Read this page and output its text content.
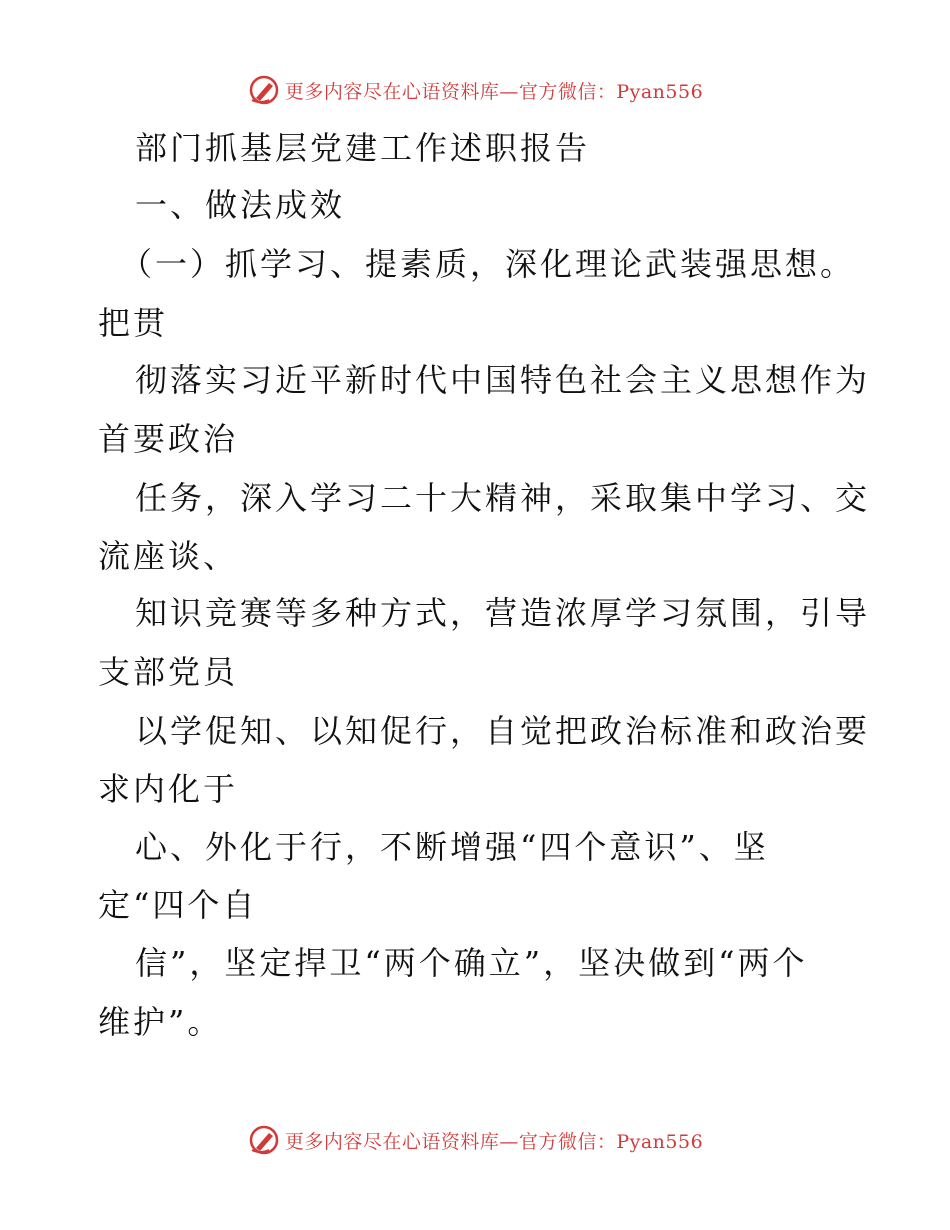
更多内容尽在心语资料库—官方微信：Pyan556
部门抓基层党建工作述职报告
一、做法成效
（一）抓学习、提素质，深化理论武装强思想。
把贯
彻落实习近平新时代中国特色社会主义思想作为
首要政治
任务，深入学习二十大精神，采取集中学习、交
流座谈、
知识竞赛等多种方式，营造浓厚学习氛围，引导
支部党员
以学促知、以知促行，自觉把政治标准和政治要
求内化于
心、外化于行，不断增强“四个意识”、坚
定“四个自
信”，坚定捍卫“两个确立”，坚决做到“两个
维护”。
更多内容尽在心语资料库—官方微信：Pyan556
